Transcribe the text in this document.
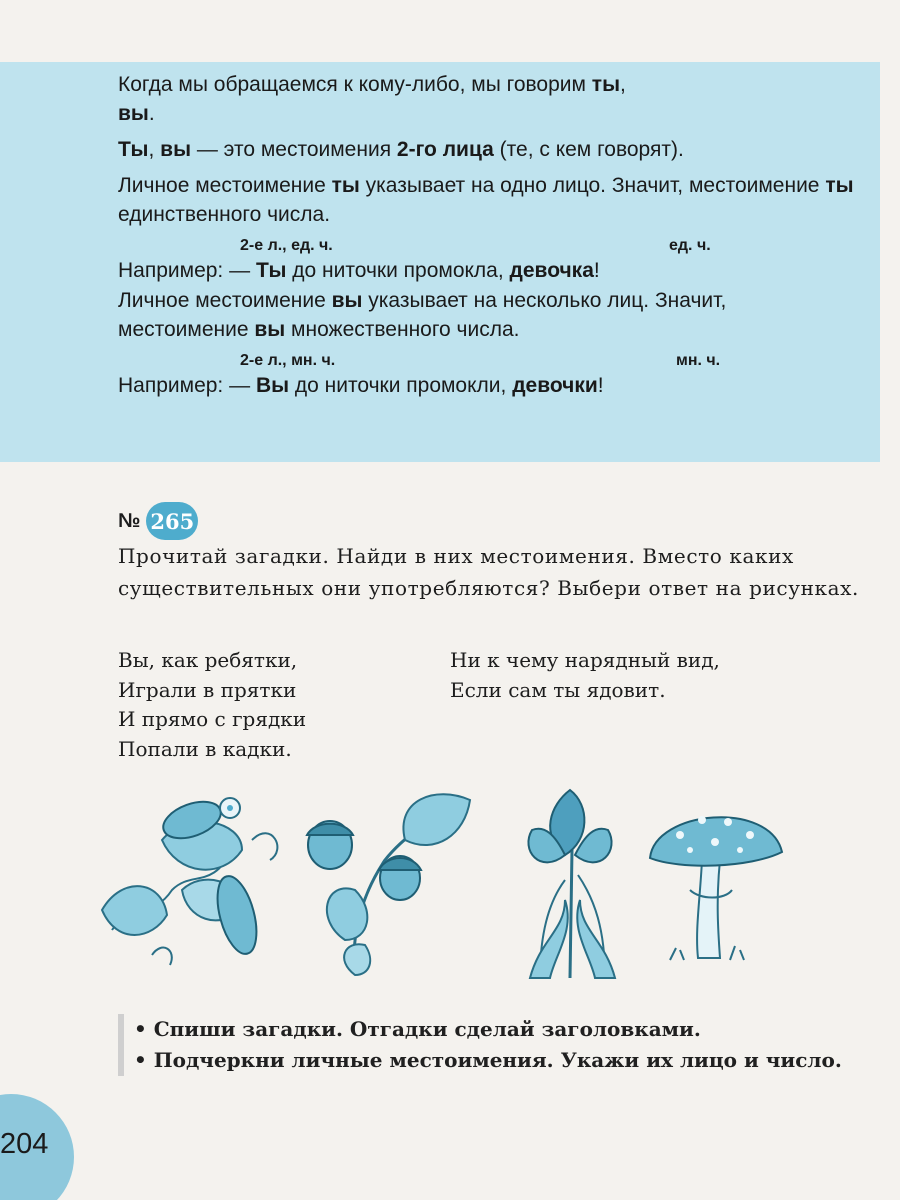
Когда мы обращаемся к кому-либо, мы говорим ты,
вы.

Ты, вы — это местоимения 2-го лица (те, с кем говорят).

Личное местоимение ты указывает на одно лицо. Значит, местоимение ты единственного числа.

2-е л., ед. ч.	ед. ч.

Например: — Ты до ниточки промокла, девочка!

Личное местоимение вы указывает на несколько лиц. Значит, местоимение вы множественного числа.

2-е л., мн. ч.	мн. ч.

Например: — Вы до ниточки промокли, девочки!

№ 265

Прочитай загадки. Найди в них местоимения. Вместо каких существительных они употребляются? Выбери ответ на рисунках.

Вы, как ребятки,
Играли в прятки
И прямо с грядки
Попали в кадки.
Ни к чему нарядный вид,
Если сам ты ядовит.

• Спиши загадки. Отгадки сделай заголовками.

• Подчеркни личные местоимения. Укажи их лицо и число.

204
